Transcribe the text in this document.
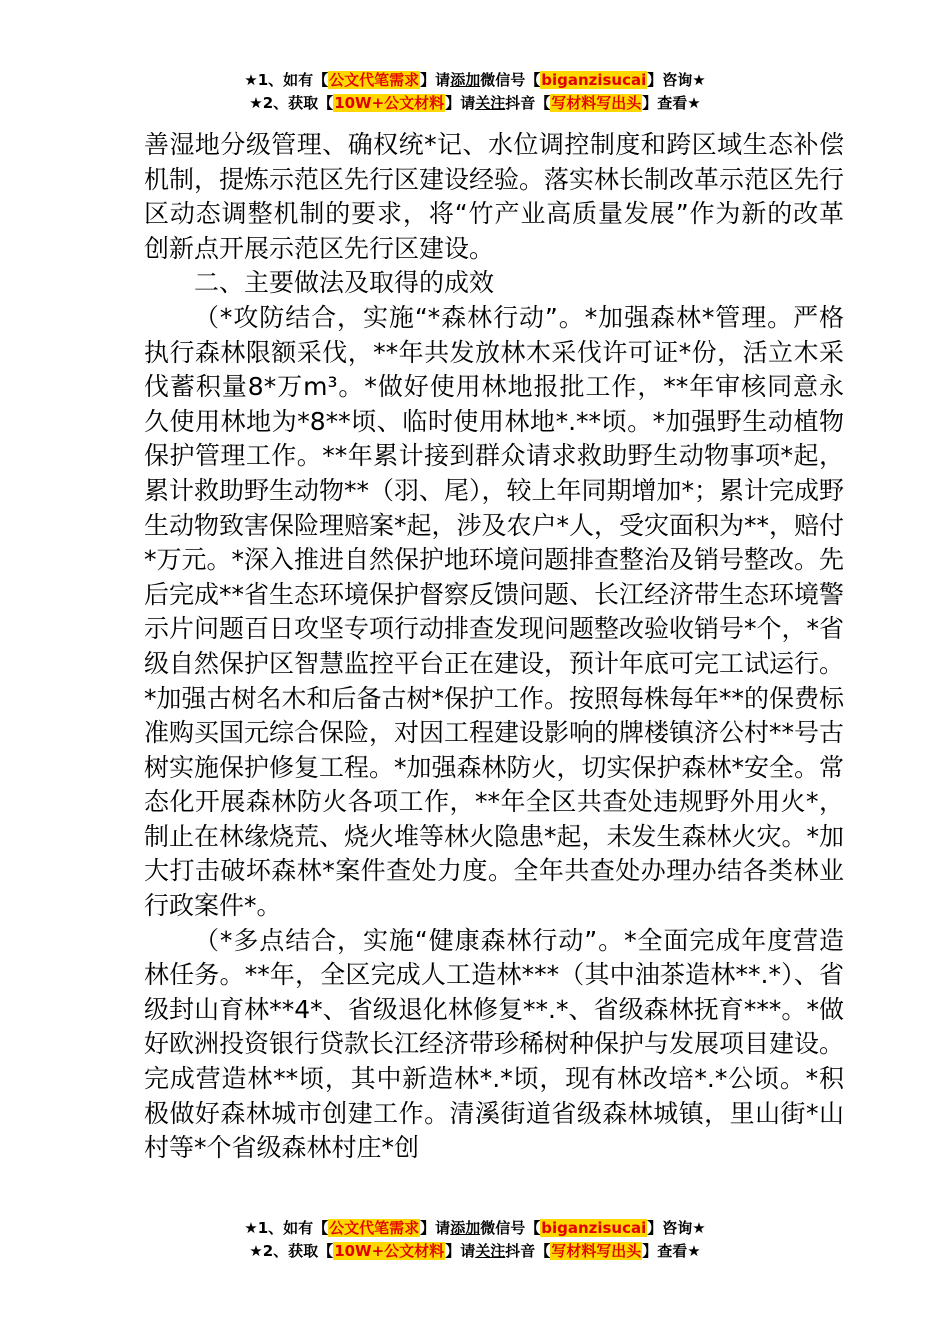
★1、如有【公文代笔需求】请添加微信号【biganzisucai】咨询★
★2、获取【10W+公文材料】请关注抖音【写材料写出头】查看★

善湿地分级管理、确权统*记、水位调控制度和跨区域生态补偿机制，提炼示范区先行区建设经验。落实林长制改革示范区先行区动态调整机制的要求，将“竹产业高质量发展”作为新的改革创新点开展示范区先行区建设。

二、主要做法及取得的成效

（*攻防结合，实施“*森林行动”。*加强森林*管理。严格执行森林限额采伐，**年共发放林木采伐许可证*份，活立木采伐蓄积量8*万m³。*做好使用林地报批工作，**年审核同意永久使用林地为*8**顷、临时使用林地*.**顷。*加强野生动植物保护管理工作。**年累计接到群众请求救助野生动物事项*起，累计救助野生动物**（羽、尾），较上年同期增加*；累计完成野生动物致害保险理赔案*起，涉及农户*人，受灾面积为**，赔付*万元。*深入推进自然保护地环境问题排查整治及销号整改。先后完成**省生态环境保护督察反馈问题、长江经济带生态环境警示片问题百日攻坚专项行动排查发现问题整改验收销号*个，*省级自然保护区智慧监控平台正在建设，预计年底可完工试运行。*加强古树名木和后备古树*保护工作。按照每株每年**的保费标准购买国元综合保险，对因工程建设影响的牌楼镇济公村**号古树实施保护修复工程。*加强森林防火，切实保护森林*安全。常态化开展森林防火各项工作，**年全区共查处违规野外用火*，制止在林缘烧荒、烧火堆等林火隐患*起，未发生森林火灾。*加大打击破坏森林*案件查处力度。全年共查处办理办结各类林业行政案件*。

（*多点结合，实施“健康森林行动”。*全面完成年度营造林任务。**年，全区完成人工造林***（其中油茶造林**.*）、省级封山育林**4*、省级退化林修复**.*、省级森林抚育***。*做好欧洲投资银行贷款长江经济带珍稀树种保护与发展项目建设。完成营造林**顷，其中新造林*.*顷，现有林改培*.*公顷。*积极做好森林城市创建工作。清溪街道省级森林城镇，里山街*山村等*个省级森林村庄*创

★1、如有【公文代笔需求】请添加微信号【biganzisucai】咨询★
★2、获取【10W+公文材料】请关注抖音【写材料写出头】查看★
